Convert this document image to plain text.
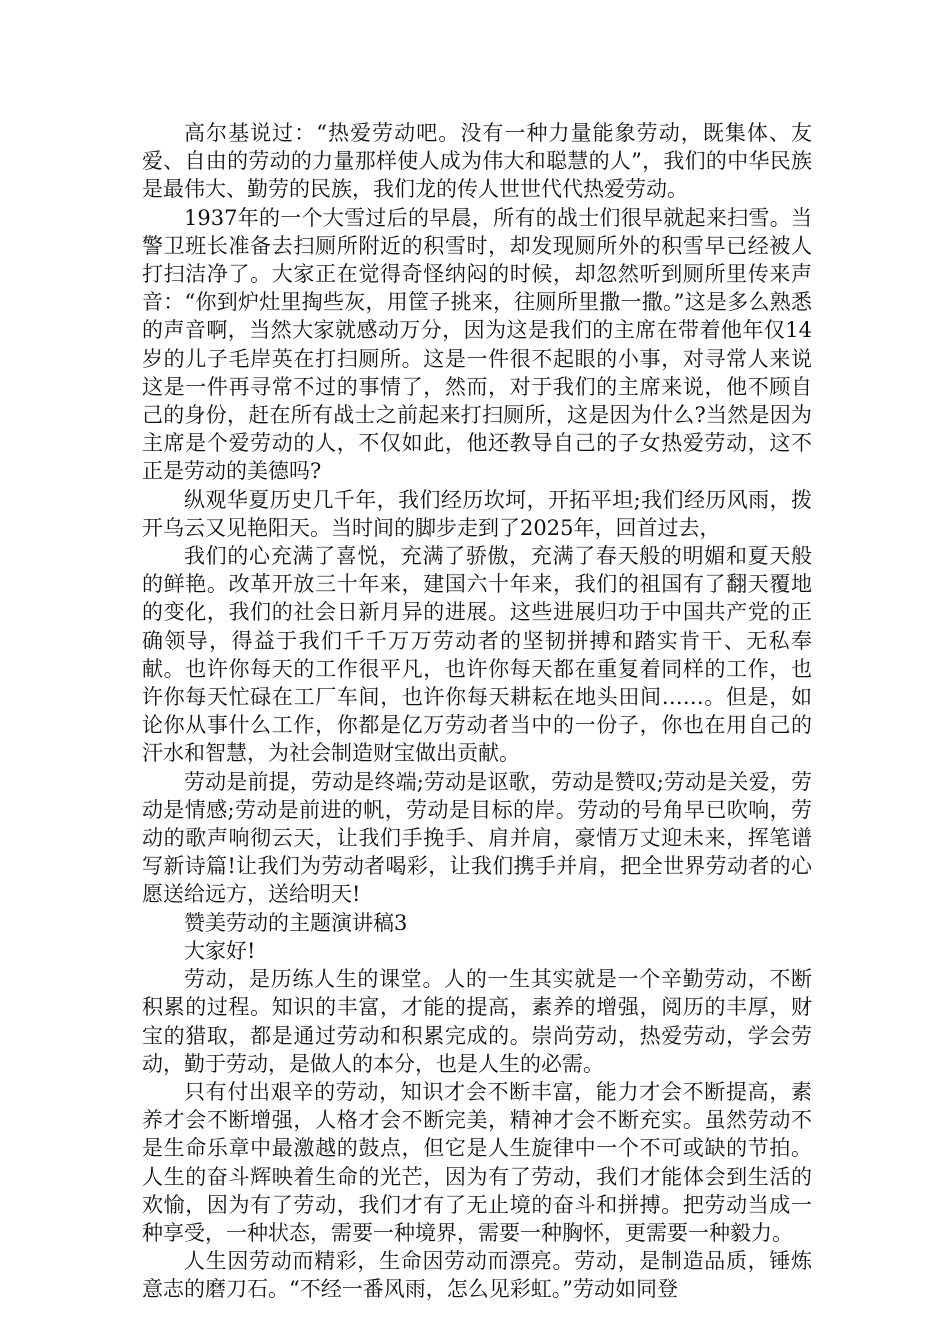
高尔基说过：“热爱劳动吧。没有一种力量能象劳动，既集体、友爱、自由的劳动的力量那样使人成为伟大和聪慧的人”，我们的中华民族是最伟大、勤劳的民族，我们龙的传人世世代代热爱劳动。

1937年的一个大雪过后的早晨，所有的战士们很早就起来扫雪。当警卫班长准备去扫厕所附近的积雪时，却发现厕所外的积雪早已经被人打扫洁净了。大家正在觉得奇怪纳闷的时候，却忽然听到厕所里传来声音：“你到炉灶里掏些灰，用筐子挑来，往厕所里撒一撒。”这是多么熟悉的声音啊，当然大家就感动万分，因为这是我们的主席在带着他年仅14岁的儿子毛岸英在打扫厕所。这是一件很不起眼的小事，对寻常人来说这是一件再寻常不过的事情了，然而，对于我们的主席来说，他不顾自己的身份，赶在所有战士之前起来打扫厕所，这是因为什么?当然是因为主席是个爱劳动的人，不仅如此，他还教导自己的子女热爱劳动，这不正是劳动的美德吗?

纵观华夏历史几千年，我们经历坎坷，开拓平坦;我们经历风雨，拨开乌云又见艳阳天。当时间的脚步走到了2025年，回首过去，

我们的心充满了喜悦，充满了骄傲，充满了春天般的明媚和夏天般的鲜艳。改革开放三十年来，建国六十年来，我们的祖国有了翻天覆地的变化，我们的社会日新月异的进展。这些进展归功于中国共产党的正确领导，得益于我们千千万万劳动者的坚韧拼搏和踏实肯干、无私奉献。也许你每天的工作很平凡，也许你每天都在重复着同样的工作，也许你每天忙碌在工厂车间，也许你每天耕耘在地头田间……。但是，如论你从事什么工作，你都是亿万劳动者当中的一份子，你也在用自己的汗水和智慧，为社会制造财宝做出贡献。

劳动是前提，劳动是终端;劳动是讴歌，劳动是赞叹;劳动是关爱，劳动是情感;劳动是前进的帆，劳动是目标的岸。劳动的号角早已吹响，劳动的歌声响彻云天，让我们手挽手、肩并肩，豪情万丈迎未来，挥笔谱写新诗篇!让我们为劳动者喝彩，让我们携手并肩，把全世界劳动者的心愿送给远方，送给明天!

赞美劳动的主题演讲稿3

大家好!

劳动，是历练人生的课堂。人的一生其实就是一个辛勤劳动，不断积累的过程。知识的丰富，才能的提高，素养的增强，阅历的丰厚，财宝的猎取，都是通过劳动和积累完成的。崇尚劳动，热爱劳动，学会劳动，勤于劳动，是做人的本分，也是人生的必需。

只有付出艰辛的劳动，知识才会不断丰富，能力才会不断提高，素养才会不断增强，人格才会不断完美，精神才会不断充实。虽然劳动不是生命乐章中最激越的鼓点，但它是人生旋律中一个不可或缺的节拍。人生的奋斗辉映着生命的光芒，因为有了劳动，我们才能体会到生活的欢愉，因为有了劳动，我们才有了无止境的奋斗和拼搏。把劳动当成一种享受，一种状态，需要一种境界，需要一种胸怀，更需要一种毅力。

人生因劳动而精彩，生命因劳动而漂亮。劳动，是制造品质，锤炼意志的磨刀石。“不经一番风雨，怎么见彩虹。”劳动如同登
